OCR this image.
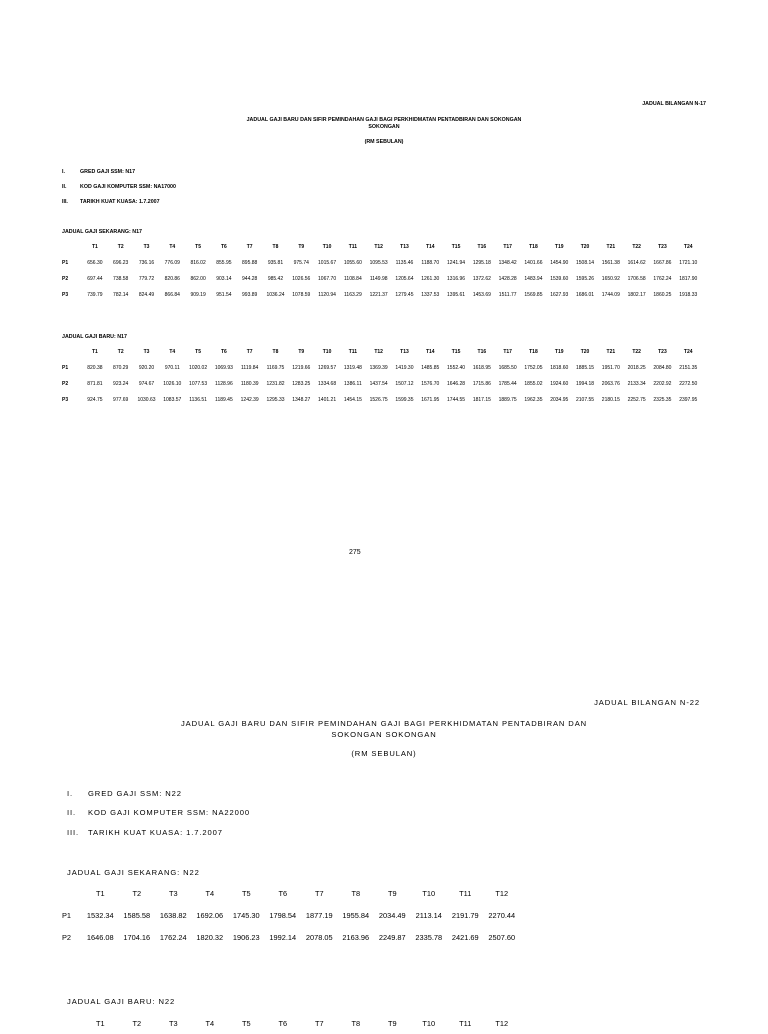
JADUAL BILANGAN N-17
JADUAL GAJI BARU DAN SIFIR PEMINDAHAN GAJI BAGI PERKHIDMATAN PENTADBIRAN DAN SOKONGAN
SOKONGAN
(RM SEBULAN)
I.	GRED GAJI SSM: N17
II.	KOD GAJI KOMPUTER SSM: NA17000
III. TARIKH KUAT KUASA: 1.7.2007
JADUAL GAJI SEKARANG: N17
	T1	T2	T3	T4	T5	T6	T7	T8	T9	T10	T11	T12	T13	T14	T15	T16	T17	T18	T19	T20	T21	T22	T23	T24
P1	656.30	696.23	736.16	776.09	816.02	855.95	895.88	935.81	975.74	1015.67	1055.60	1095.53	1135.46	1188.70	1241.94	1295.18	1348.42	1401.66	1454.90	1508.14	1561.38	1614.62	1667.86	1721.10
P2	697.44	738.58	779.72	820.86	862.00	903.14	944.28	985.42	1026.56	1067.70	1108.84	1149.98	1205.64	1261.30	1316.96	1372.62	1428.28	1483.94	1539.60	1595.26	1650.92	1706.58	1762.24	1817.90
P3	739.79	782.14	824.49	866.84	909.19	951.54	993.89	1036.24	1078.59	1120.94	1163.29	1221.37	1279.45	1337.53	1395.61	1453.69	1511.77	1569.85	1627.93	1686.01	1744.09	1802.17	1860.25	1918.33
JADUAL GAJI BARU: N17
	T1	T2	T3	T4	T5	T6	T7	T8	T9	T10	T11	T12	T13	T14	T15	T16	T17	T18	T19	T20	T21	T22	T23	T24
P1	820.38	870.29	920.20	970.11	1020.02	1069.93	1119.84	1169.75	1219.66	1269.57	1319.48	1369.39	1419.30	1485.85	1552.40	1618.95	1685.50	1752.05	1818.60	1885.15	1951.70	2018.25	2084.80	2151.35
P2	871.81	923.24	974.67	1026.10	1077.53	1128.96	1180.39	1231.82	1283.25	1334.68	1386.11	1437.54	1507.12	1576.70	1646.28	1715.86	1785.44	1855.02	1924.60	1994.18	2063.76	2133.34	2202.92	2272.50
P3	924.75	977.69	1030.63	1083.57	1136.51	1189.45	1242.39	1295.33	1348.27	1401.21	1454.15	1526.75	1599.35	1671.95	1744.55	1817.15	1889.75	1962.35	2034.95	2107.55	2180.15	2252.75	2325.35	2397.95
275
JADUAL BILANGAN N-22
JADUAL GAJI BARU DAN SIFIR PEMINDAHAN GAJI BAGI PERKHIDMATAN PENTADBIRAN DAN SOKONGAN SOKONGAN
(RM SEBULAN)
I. GRED GAJI SSM: N22
II. KOD GAJI KOMPUTER SSM: NA22000
III. TARIKH KUAT KUASA: 1.7.2007
JADUAL GAJI SEKARANG: N22
	T1	T2	T3	T4	T5	T6	T7	T8	T9	T10	T11	T12
P1	1532.34	1585.58	1638.82	1692.06	1745.30	1798.54	1877.19	1955.84	2034.49	2113.14	2191.79	2270.44
P2	1646.08	1704.16	1762.24	1820.32	1906.23	1992.14	2078.05	2163.96	2249.87	2335.78	2421.69	2507.60
JADUAL GAJI BARU: N22
	T1	T2	T3	T4	T5	T6	T7	T8	T9	T10	T11	T12
